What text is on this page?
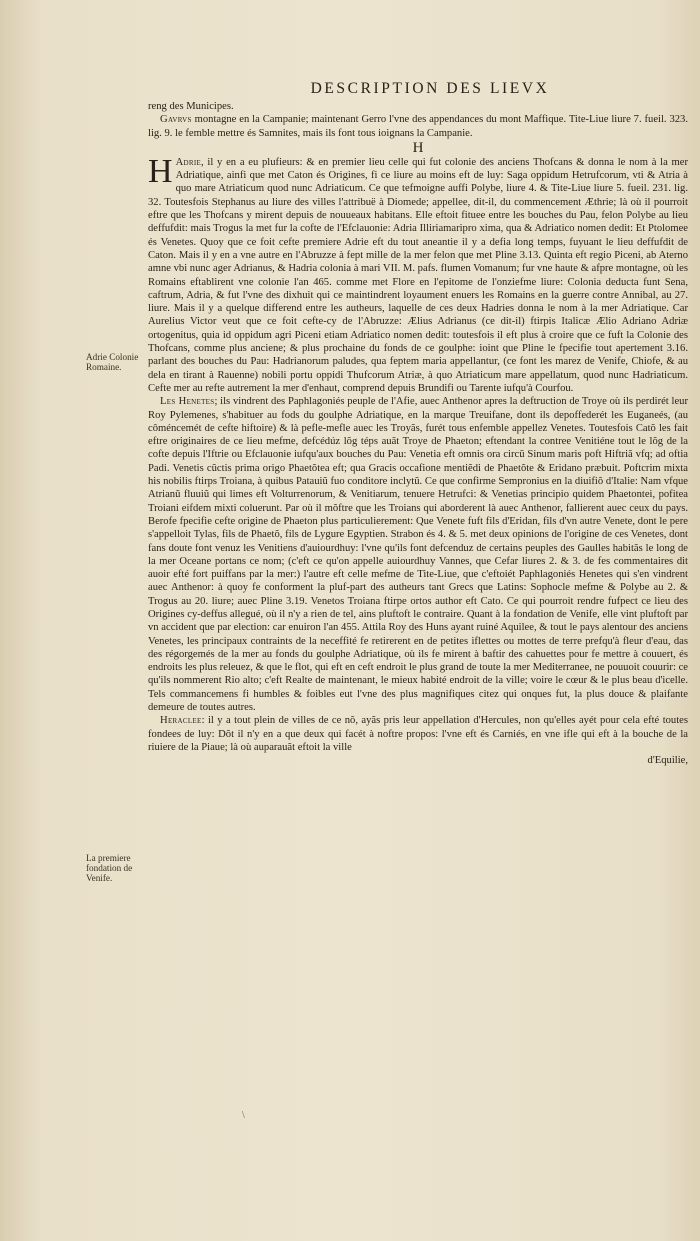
DESCRIPTION DES LIEVX
Adrie Colonie Romaine.
La premiere fondation de Venife.

reng des Municipes.

Gavrvs montagne en la Campanie; maintenant Gerro l'vne des appendances du mont Maffique. Tite-Liue liure 7. fueil. 323. lig. 9. le femble mettre és Samnites, mais ils font tous ioignans la Campanie.

H

H Adrie, il y en a eu plufieurs: & en premier lieu celle qui fut colonie des anciens Thofcans & donna le nom à la mer Adriatique, ainfi que met Caton és Origines, fi ce liure au moins eft de luy: Saga oppidum Hetrufcorum, vti & Atria à quo mare Atriaticum quod nunc Adriaticum. Ce que tefmoigne auffi Polybe, liure 4. & Tite-Liue liure 5. fueil. 231. lig. 32. Toutesfois Stephanus au liure des villes l'attribuë à Diomede; appellee, dit-il, du commencement Æthrie; là où il pourroit eftre que les Thofcans y mirent depuis de nouueaux habitans. Elle eftoit fituee entre les bouches du Pau, felon Polybe au lieu deffufdit: mais Trogus la met fur la cofte de l'Efclauonie: Adria Illiriamaripro xima, qua & Adriatico nomen dedit: Et Ptolomee és Venetes. Quoy que ce foit cefte premiere Adrie eft du tout aneantie il y a defia long temps, fuyuant le lieu deffufdit de Caton. Mais il y en a vne autre en l'Abruzze à fept mille de la mer felon que met Pline 3.13. Quinta eft regio Piceni, ab Aterno amne vbi nunc ager Adrianus, & Hadria colonia à mari VII. M. pafs. flumen Vomanum; fur vne haute & afpre montagne, où les Romains eftablirent vne colonie l'an 465. comme met Flore en l'epitome de l'onziefme liure: Colonia deducta funt Sena, caftrum, Adria, & fut l'vne des dixhuit qui ce maintindrent loyaument enuers les Romains en la guerre contre Annibal, au 27. liure. Mais il y a quelque differend entre les autheurs, laquelle de ces deux Hadries donna le nom à la mer Adriatique. Car Aurelius Victor veut que ce foit cefte-cy de l'Abruzze: Ælius Adrianus (ce dit-il) ftirpis Italicæ Ælio Adriano Adriæ ortogenitus, quia id oppidum agri Piceni etiam Adriatico nomen dedit: toutesfois il eft plus à croire que ce fuft la Colonie des Thofcans, comme plus anciene; & plus prochaine du fonds de ce goulphe: ioint que Pline le fpecifie tout apertement 3.16. parlant des bouches du Pau: Hadrianorum paludes, qua feptem maria appellantur, (ce font les marez de Venife, Chiofe, & au dela en tirant à Rauenne) nobili portu oppidi Thufcorum Atriæ, à quo Atriaticum mare appellatum, quod nunc Hadriaticum. Cefte mer au refte autrement la mer d'enhaut, comprend depuis Brundifi ou Tarente iufqu'à Courfou.

Les Henetes; ils vindrent des Paphlagoniés peuple de l'Afie, auec Anthenor apres la deftruction de Troye où ils perdirét leur Roy Pylemenes, s'habituer au fods du goulphe Adriatique, en la marque Treuifane, dont ils depoffederét les Euganeés, (au côméncemét de cefte hiftoire) & là pefle-mefle auec les Troyãs, furét tous enfemble appellez Venetes. Toutesfois Catõ les fait eftre originaires de ce lieu mefme, defcédúz lõg téps auãt Troye de Phaeton; eftendant la contree Venitiéne tout le lõg de la cofte depuis l'Iftrie ou Efclauonie iufqu'aux bouches du Pau: Venetia eft omnis ora circũ Sinum maris poft Hiftriã vfq; ad oftia Padi. Venetis cũctis prima origo Phaetõtea eft; qua Gracis occafione mentiẽdi de Phaetõte & Eridano præbuit. Poftcrim mixta his nobilis ftirps Troiana, à quibus Patauiũ fuo conditore inclytũ. Ce que confirme Sempronius en la diuifiõ d'Italie: Nam vfque Atrianũ fluuiũ qui limes eft Volturrenorum, & Venitiarum, tenuere Hetrufci: & Venetias principio quidem Phaetontei, pofitea Troiani eifdem mixti coluerunt. Par où il mõftre que les Troians qui aborderent là auec Anthenor, fallierent auec ceux du pays. Berofe fpecifie cefte origine de Phaeton plus particulierement: Que Venete fuft fils d'Eridan, fils d'vn autre Venete, dont le pere s'appelloit Tylas, fils de Phaetõ, fils de Lygure Egyptien. Strabon és 4. & 5. met deux opinions de l'origine de ces Venetes, dont fans doute font venuz les Venitiens d'auiourdhuy: l'vne qu'ils font defcenduz de certains peuples des Gaulles habitãs le long de la mer Oceane portans ce nom; (c'eft ce qu'on appelle auiourdhuy Vannes, que Cefar liures 2. & 3. de fes commentaires dit auoir efté fort puiffans par la mer:) l'autre eft celle mefme de Tite-Liue, que c'eftoiét Paphlagoniés Henetes qui s'en vindrent auec Anthenor: à quoy fe conforment la pluf-part des autheurs tant Grecs que Latins: Sophocle mefme & Polybe au 2. & Trogus au 20. liure; auec Pline 3.19. Venetos Troiana ftirpe ortos author eft Cato. Ce qui pourroit rendre fufpect ce lieu des Origines cy-deffus allegué, où il n'y a rien de tel, ains pluftoft le contraire. Quant à la fondation de Venife, elle vint pluftoft par vn accident que par election: car enuiron l'an 455. Attila Roy des Huns ayant ruiné Aquilee, & tout le pays alentour des anciens Venetes, les principaux contraints de la neceffité fe retirerent en de petites iflettes ou mottes de terre prefqu'à fleur d'eau, das des régorgemés de la mer au fonds du goulphe Adriatique, où ils fe mirent à baftir des cahuettes pour fe mettre à couuert, és endroits les plus releuez, & que le flot, qui eft en ceft endroit le plus grand de toute la mer Mediterranee, ne pouuoit couurir: ce qu'ils nommerent Rio alto; c'eft Realte de maintenant, le mieux habité endroit de la ville; voire le cœur & le plus beau d'icelle. Tels commancemens fi humbles & foibles eut l'vne des plus magnifiques citez qui onques fut, la plus douce & plaifante demeure de toutes autres.

Heraclee: il y a tout plein de villes de ce nõ, ayãs pris leur appellation d'Hercules, non qu'elles ayét pour cela efté toutes fondees de luy: Dõt il n'y en a que deux qui facét à noftre propos: l'vne eft és Carniés, en vne ifle qui eft à la bouche de la riuiere de la Piaue; là où auparauãt eftoit la ville

d'Equilie,

\
